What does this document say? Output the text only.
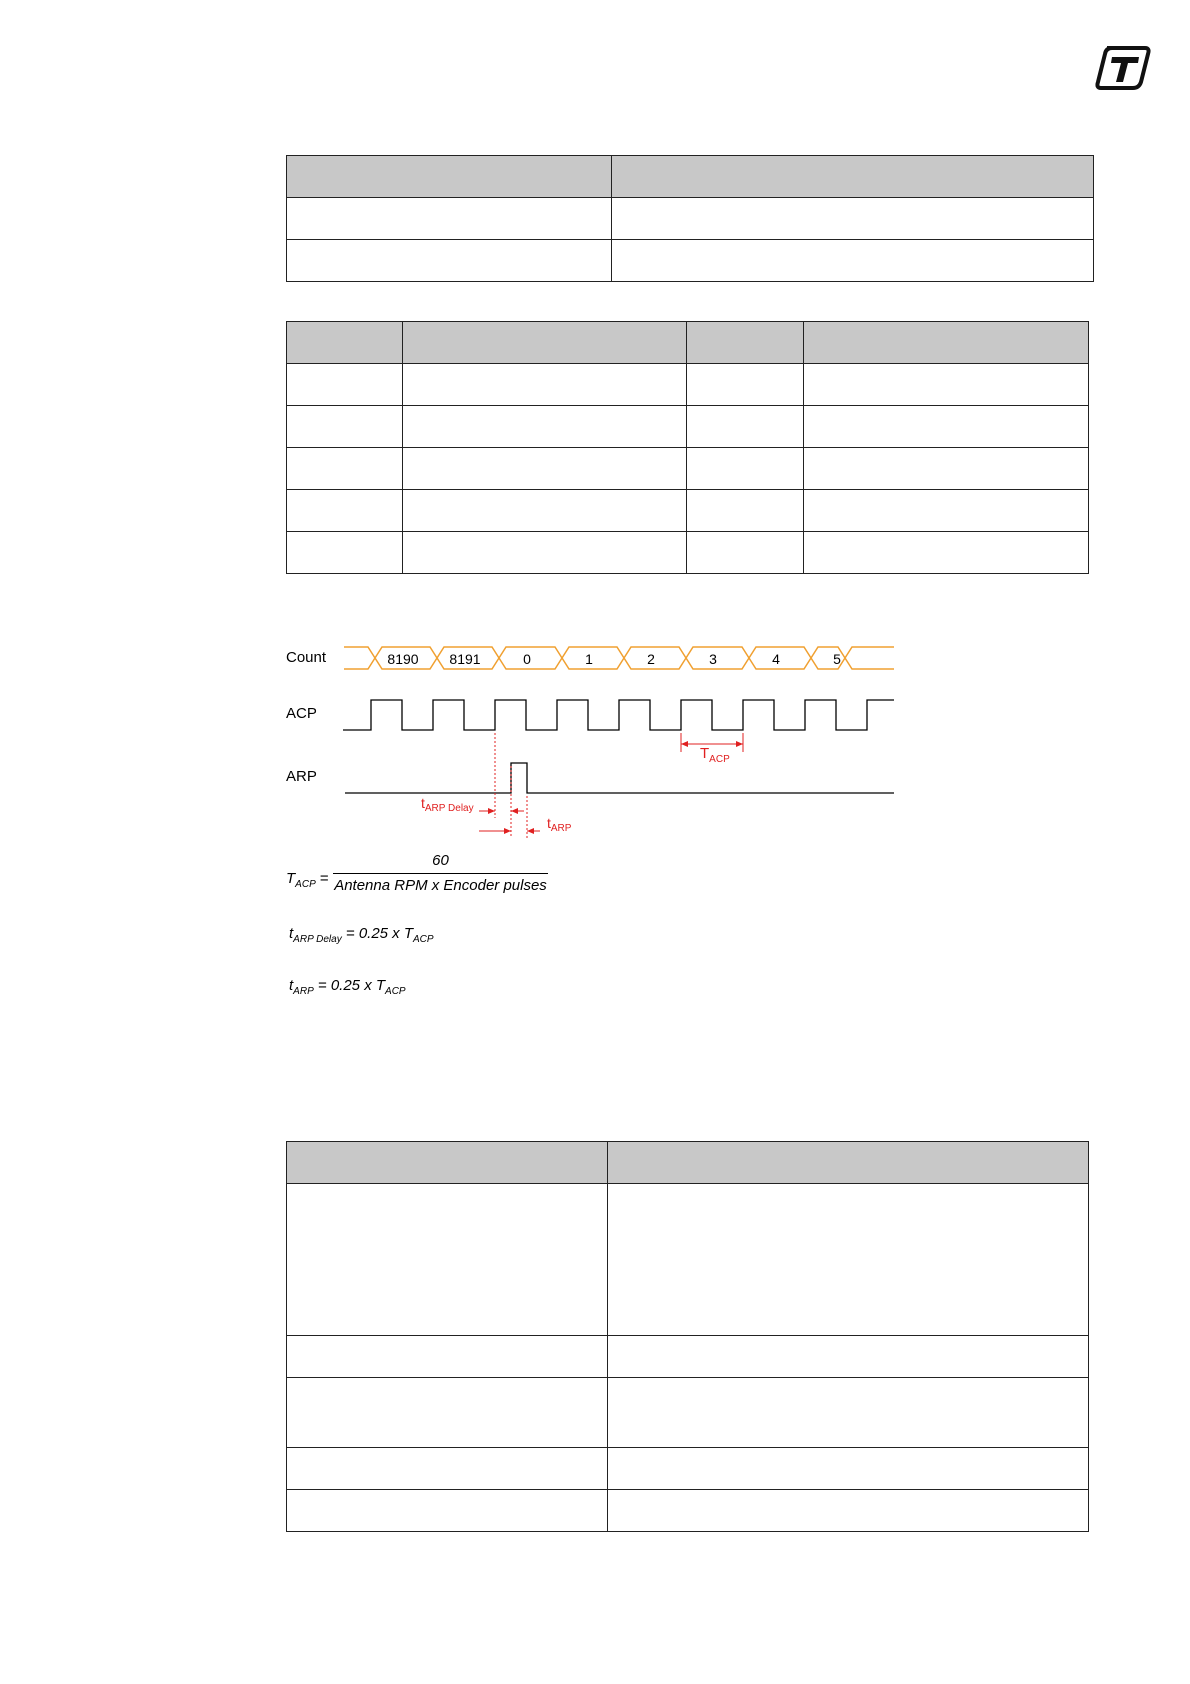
Count
ACP
ARP
8190 8191	0	1	2	3	4	5
$T_{ACP}$
$t_{ARP Delay}$
$t_{ARP}$
$T_{ACP}$ =
60
Antenna RPM x Encoder pulses
$t_{ARP Delay} = 0.25$ x $T_{ACP}$
$t_{ARP} = 0.25$ x $T_{ACP}$
